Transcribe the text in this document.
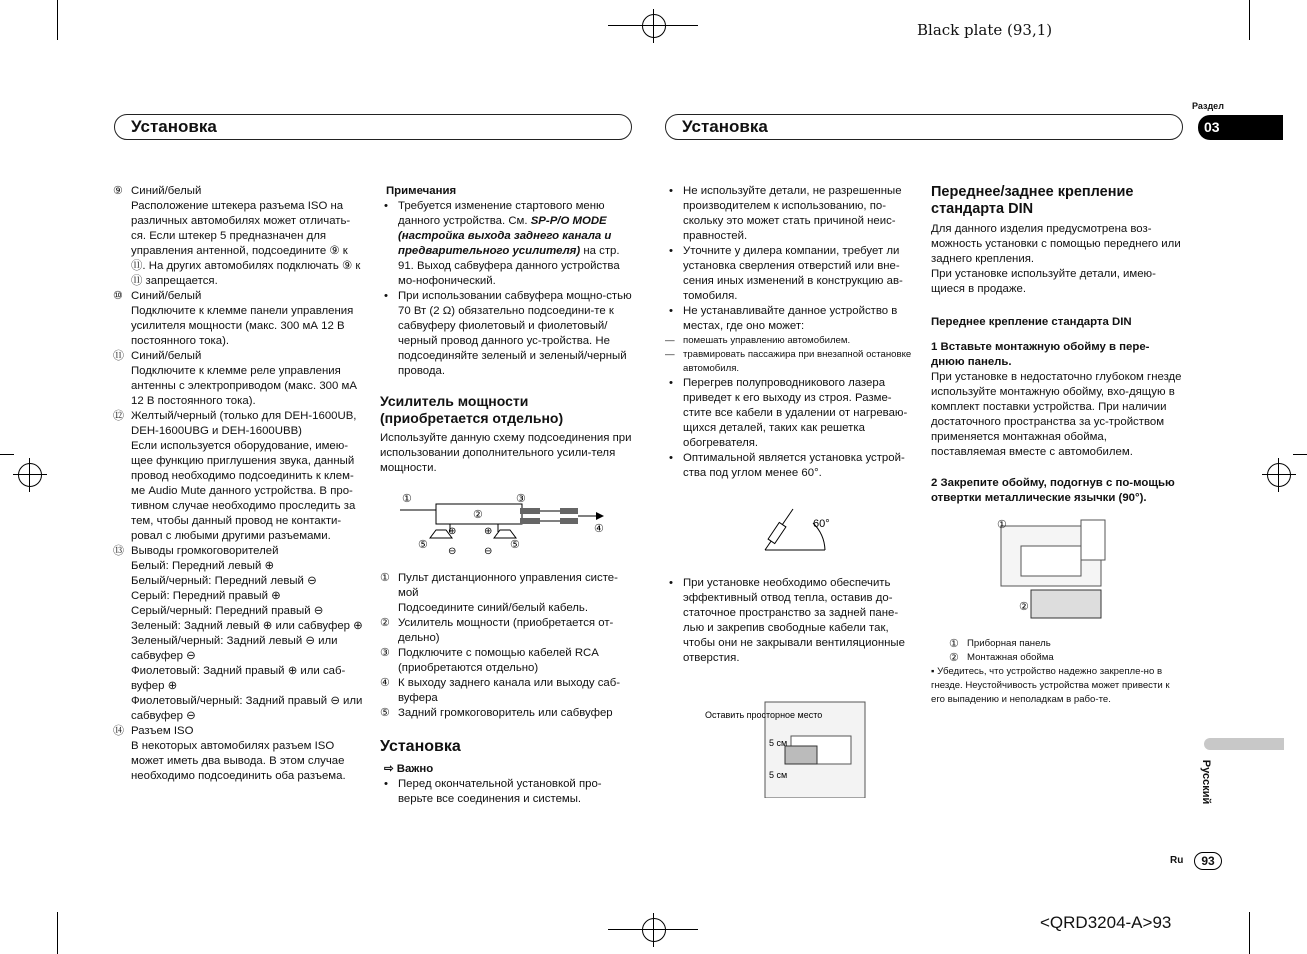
Black plate (93,1)
<QRD3204-A>93
Раздел
03
Русский
Ru	93
Установка	Установка
⑨ Синий/белый
Расположение штекера разъема ISO на различных автомобилях может отличать-ся. Если штекер 5 предназначен для управления антенной, подсоедините ⑨ к ⑪. На других автомобилях подключать ⑨ к ⑪ запрещается.
⑩ Синий/белый
Подключите к клемме панели управления усилителя мощности (макс. 300 мА 12 В постоянного тока).
⑪ Синий/белый
Подключите к клемме реле управления антенны с электроприводом (макс. 300 мА 12 В постоянного тока).
⑫ Желтый/черный (только для DEH-1600UB, DEH-1600UBG и DEH-1600UBB)
Если используется оборудование, имею-щее функцию приглушения звука, данный провод необходимо подсоединить к клем-ме Audio Mute данного устройства. В про-тивном случае необходимо проследить за тем, чтобы данный провод не контакти-ровал с любыми другими разъемами.
⑬ Выводы громкоговорителей
Белый: Передний левый ⊕
Белый/черный: Передний левый ⊖
Серый: Передний правый ⊕
Серый/черный: Передний правый ⊖
Зеленый: Задний левый ⊕ или сабвуфер ⊕
Зеленый/черный: Задний левый ⊖ или сабвуфер ⊖
Фиолетовый: Задний правый ⊕ или саб-вуфер ⊕
Фиолетовый/черный: Задний правый ⊖ или сабвуфер ⊖
⑭ Разъем ISO
В некоторых автомобилях разъем ISO может иметь два вывода. В этом случае необходимо подсоединить оба разъема.
Примечания
• Требуется изменение стартового меню данного устройства. См. SP-P/O MODE (настройка выхода заднего канала и предварительного усилителя) на стр. 91. Выход сабвуфера данного устройства мо-нофонический.
• При использовании сабвуфера мощно-стью 70 Вт (2 Ω) обязательно подсоедини-те к сабвуферу фиолетовый и фиолетовый/черный провод данного ус-тройства. Не подсоединяйте зеленый и зеленый/черный провода.
Усилитель мощности (приобретается отдельно)
Используйте данную схему подсоединения при использовании дополнительного усили-теля мощности.
①
②
③
④
⑤	⑤
⊕	⊕
⊖	⊖
① Пульт дистанционного управления систе-мой
Подсоедините синий/белый кабель.
② Усилитель мощности (приобретается от-дельно)
③ Подключите с помощью кабелей RCA (приобретаются отдельно)
④ К выходу заднего канала или выходу саб-вуфера
⑤ Задний громкоговоритель или сабвуфер
Установка
⇨ Важно
• Перед окончательной установкой про-верьте все соединения и системы.
• Не используйте детали, не разрешенные производителем к использованию, по-скольку это может стать причиной неис-правностей.
• Уточните у дилера компании, требует ли установка сверления отверстий или вне-сения иных изменений в конструкцию ав-томобиля.
• Не устанавливайте данное устройство в местах, где оно может:
— помешать управлению автомобилем.
— травмировать пассажира при внезапной остановке автомобиля.
• Перегрев полупроводникового лазера приведет к его выходу из строя. Разме-стите все кабели в удалении от нагреваю-щихся деталей, таких как решетка обогревателя.
• Оптимальной является установка устрой-ства под углом менее 60°.
60°
• При установке необходимо обеспечить эффективный отвод тепла, оставив до-статочное пространство за задней пане-лью и закрепив свободные кабели так, чтобы они не закрывали вентиляционные отверстия.
Оставить просторное место
5 см
5 см
Переднее/заднее крепление стандарта DIN
Для данного изделия предусмотрена воз-можность установки с помощью переднего или заднего крепления.
При установке используйте детали, имею-щиеся в продаже.
Переднее крепление стандарта DIN
1 Вставьте монтажную обойму в пере-днюю панель.
При установке в недостаточно глубоком гнезде используйте монтажную обойму, вхо-дящую в комплект поставки устройства. При наличии достаточного пространства за ус-тройством применяется монтажная обойма, поставляемая вместе с автомобилем.
2 Закрепите обойму, подогнув с по-мощью отвертки металлические язычки (90°).
①
②
① Приборная панель
② Монтажная обойма
▪ Убедитесь, что устройство надежно закрепле-но в гнезде. Неустойчивость устройства может привести к его выпадению и неполадкам в рабо-те.
